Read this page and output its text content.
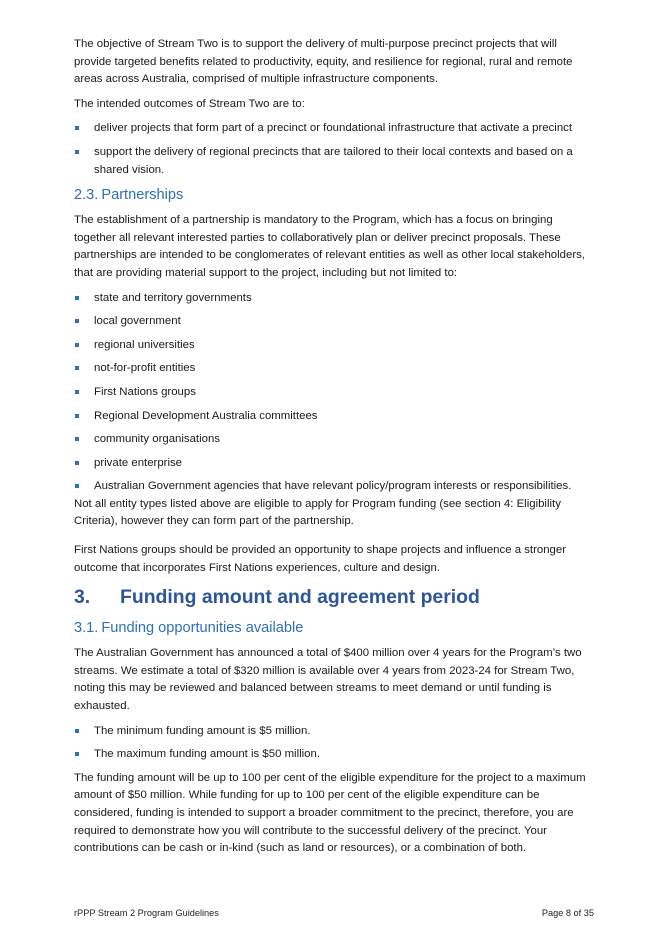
The objective of Stream Two is to support the delivery of multi-purpose precinct projects that will provide targeted benefits related to productivity, equity, and resilience for regional, rural and remote areas across Australia, comprised of multiple infrastructure components.

The intended outcomes of Stream Two are to:

deliver projects that form part of a precinct or foundational infrastructure that activate a precinct
support the delivery of regional precincts that are tailored to their local contexts and based on a shared vision.
2.3. Partnerships

The establishment of a partnership is mandatory to the Program, which has a focus on bringing together all relevant interested parties to collaboratively plan or deliver precinct proposals. These partnerships are intended to be conglomerates of relevant entities as well as other local stakeholders, that are providing material support to the project, including but not limited to:

state and territory governments
local government
regional universities
not-for-profit entities
First Nations groups
Regional Development Australia committees
community organisations
private enterprise
Australian Government agencies that have relevant policy/program interests or responsibilities.

Not all entity types listed above are eligible to apply for Program funding (see section 4: Eligibility Criteria), however they can form part of the partnership.

First Nations groups should be provided an opportunity to shape projects and influence a stronger outcome that incorporates First Nations experiences, culture and design.

3. Funding amount and agreement period
3.1. Funding opportunities available

The Australian Government has announced a total of $400 million over 4 years for the Program’s two streams. We estimate a total of $320 million is available over 4 years from 2023-24 for Stream Two, noting this may be reviewed and balanced between streams to meet demand or until funding is exhausted.

The minimum funding amount is $5 million.
The maximum funding amount is $50 million.

The funding amount will be up to 100 per cent of the eligible expenditure for the project to a maximum amount of $50 million. While funding for up to 100 per cent of the eligible expenditure can be considered, funding is intended to support a broader commitment to the precinct, therefore, you are required to demonstrate how you will contribute to the successful delivery of the precinct. Your contributions can be cash or in-kind (such as land or resources), or a combination of both.

rPPP Stream 2 Program Guidelines	Page 8 of 35
